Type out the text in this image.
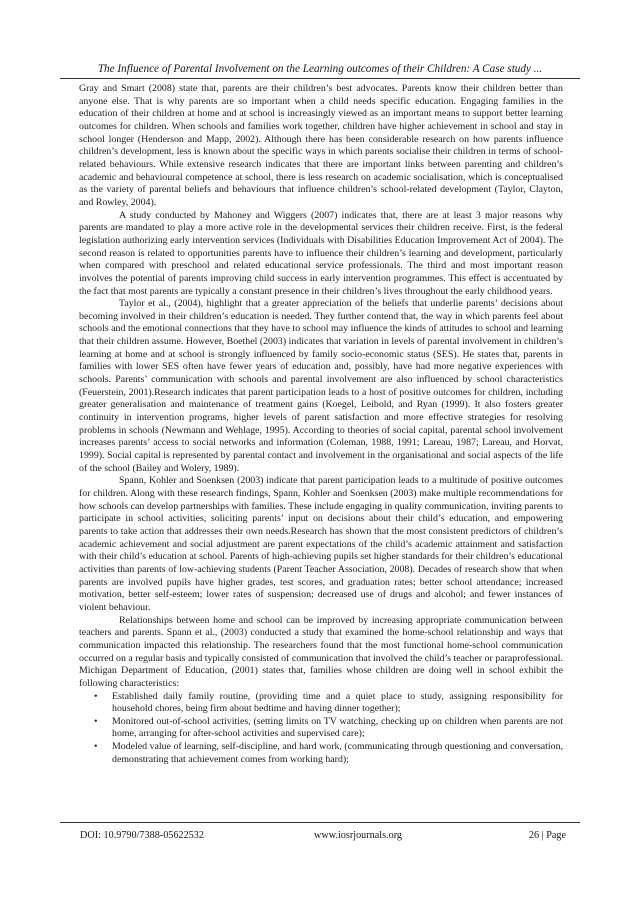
The Influence of Parental Involvement on the Learning outcomes of their Children: A Case study ...

Gray and Smart (2008) state that, parents are their children’s best advocates. Parents know their children better than anyone else. That is why parents are so important when a child needs specific education. Engaging families in the education of their children at home and at school is increasingly viewed as an important means to support better learning outcomes for children. When schools and families work together, children have higher achievement in school and stay in school longer (Henderson and Mapp, 2002). Although there has been considerable research on how parents influence children’s development, less is known about the specific ways in which parents socialise their children in terms of school-related behaviours. While extensive research indicates that there are important links between parenting and children’s academic and behavioural competence at school, there is less research on academic socialisation, which is conceptualised as the variety of parental beliefs and behaviours that influence children’s school-related development (Taylor, Clayton, and Rowley, 2004).

A study conducted by Mahoney and Wiggers (2007) indicates that, there are at least 3 major reasons why parents are mandated to play a more active role in the developmental services their children receive. First, is the federal legislation authorizing early intervention services (Individuals with Disabilities Education Improvement Act of 2004). The second reason is related to opportunities parents have to influence their children’s learning and development, particularly when compared with preschool and related educational service professionals. The third and most important reason involves the potential of parents improving child success in early intervention programmes. This effect is accentuated by the fact that most parents are typically a constant presence in their children’s lives throughout the early childhood years.

Taylor et al., (2004), highlight that a greater appreciation of the beliefs that underlie parents’ decisions about becoming involved in their children’s education is needed. They further contend that, the way in which parents feel about schools and the emotional connections that they have to school may influence the kinds of attitudes to school and learning that their children assume. However, Boethel (2003) indicates that variation in levels of parental involvement in children’s learning at home and at school is strongly influenced by family socio-economic status (SES). He states that, parents in families with lower SES often have fewer years of education and, possibly, have had more negative experiences with schools. Parents’ communication with schools and parental involvement are also influenced by school characteristics (Feuerstein, 2001).Research indicates that parent participation leads to a host of positive outcomes for children, including greater generalisation and maintenance of treatment gains (Koegel, Leibold, and Ryan (1999). It also fosters greater continuity in intervention programs, higher levels of parent satisfaction and more effective strategies for resolving problems in schools (Newmann and Wehlage, 1995). According to theories of social capital, parental school involvement increases parents’ access to social networks and information (Coleman, 1988, 1991; Lareau, 1987; Lareau, and Horvat, 1999). Social capital is represented by parental contact and involvement in the organisational and social aspects of the life of the school (Bailey and Wolery, 1989).

Spann, Kohler and Soenksen (2003) indicate that parent participation leads to a multitude of positive outcomes for children. Along with these research findings, Spann, Kohler and Soenksen (2003) make multiple recommendations for how schools can develop partnerships with families. These include engaging in quality communication, inviting parents to participate in school activities, soliciting parents’ input on decisions about their child’s education, and empowering parents to take action that addresses their own needs.Research has shown that the most consistent predictors of children’s academic achievement and social adjustment are parent expectations of the child’s academic attainment and satisfaction with their child’s education at school. Parents of high-achieving pupils set higher standards for their children’s educational activities than parents of low-achieving students (Parent Teacher Association, 2008). Decades of research show that when parents are involved pupils have higher grades, test scores, and graduation rates; better school attendance; increased motivation, better self-esteem; lower rates of suspension; decreased use of drugs and alcohol; and fewer instances of violent behaviour.

Relationships between home and school can be improved by increasing appropriate communication between teachers and parents. Spann et al., (2003) conducted a study that examined the home-school relationship and ways that communication impacted this relationship. The researchers found that the most functional home-school communication occurred on a regular basis and typically consisted of communication that involved the child’s teacher or paraprofessional. Michigan Department of Education, (2001) states that, families whose children are doing well in school exhibit the following characteristics:

• Established daily family routine, (providing time and a quiet place to study, assigning responsibility for household chores, being firm about bedtime and having dinner together);
• Monitored out-of-school activities, (setting limits on TV watching, checking up on children when parents are not home, arranging for after-school activities and supervised care);
• Modeled value of learning, self-discipline, and hard work, (communicating through questioning and conversation, demonstrating that achievement comes from working hard);
DOI: 10.9790/7388-05622532	www.iosrjournals.org	26 | Page
